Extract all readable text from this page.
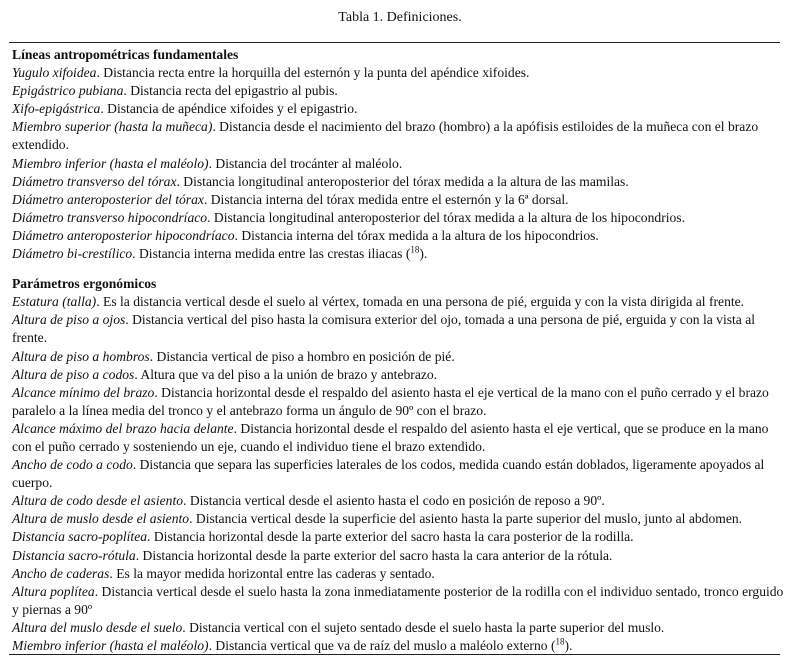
Tabla 1. Definiciones.
Líneas antropométricas fundamentales

Yugulo xifoidea. Distancia recta entre la horquilla del esternón y la punta del apéndice xifoides.

Epigástrico pubiana. Distancia recta del epigastrio al pubis.

Xifo-epigástrica. Distancia de apéndice xifoides y el epigastrio.

Miembro superior (hasta la muñeca). Distancia desde el nacimiento del brazo (hombro) a la apófisis estiloides de la muñeca con el brazo extendido.

Miembro inferior (hasta el maléolo). Distancia del trocánter al maléolo.

Diámetro transverso del tórax. Distancia longitudinal anteroposterior del tórax medida a la altura de las mamilas.

Diámetro anteroposterior del tórax. Distancia interna del tórax medida entre el esternón y la 6ª dorsal.

Diámetro transverso hipocondríaco. Distancia longitudinal anteroposterior del tórax medida a la altura de los hipocondrios.

Diámetro anteroposterior hipocondríaco. Distancia interna del tórax medida a la altura de los hipocondrios.

Diámetro bi-crestílico. Distancia interna medida entre las crestas iliacas ($^{18}$).

Parámetros ergonómicos

Estatura (talla). Es la distancia vertical desde el suelo al vértex, tomada en una persona de pié, erguida y con la vista dirigida al frente.

Altura de piso a ojos. Distancia vertical del piso hasta la comisura exterior del ojo, tomada a una persona de pié, erguida y con la vista al frente.

Altura de piso a hombros. Distancia vertical de piso a hombro en posición de pié.

Altura de piso a codos. Altura que va del piso a la unión de brazo y antebrazo.

Alcance mínimo del brazo. Distancia horizontal desde el respaldo del asiento hasta el eje vertical de la mano con el puño cerrado y el brazo paralelo a la línea media del tronco y el antebrazo forma un ángulo de 90º con el brazo.

Alcance máximo del brazo hacia delante. Distancia horizontal desde el respaldo del asiento hasta el eje vertical, que se produce en la mano con el puño cerrado y sosteniendo un eje, cuando el individuo tiene el brazo extendido.

Ancho de codo a codo. Distancia que separa las superficies laterales de los codos, medida cuando están doblados, ligeramente apoyados al cuerpo.

Altura de codo desde el asiento. Distancia vertical desde el asiento hasta el codo en posición de reposo a 90º.

Altura de muslo desde el asiento. Distancia vertical desde la superficie del asiento hasta la parte superior del muslo, junto al abdomen.

Distancia sacro-poplítea. Distancia horizontal desde la parte exterior del sacro hasta la cara posterior de la rodilla.

Distancia sacro-rótula. Distancia horizontal desde la parte exterior del sacro hasta la cara anterior de la rótula.

Ancho de caderas. Es la mayor medida horizontal entre las caderas y sentado.

Altura poplítea. Distancia vertical desde el suelo hasta la zona inmediatamente posterior de la rodilla con el individuo sentado, tronco erguido y piernas a 90º

Altura del muslo desde el suelo. Distancia vertical con el sujeto sentado desde el suelo hasta la parte superior del muslo.

Miembro inferior (hasta el maléolo). Distancia vertical que va de raíz del muslo a maléolo externo ($^{18}$).
